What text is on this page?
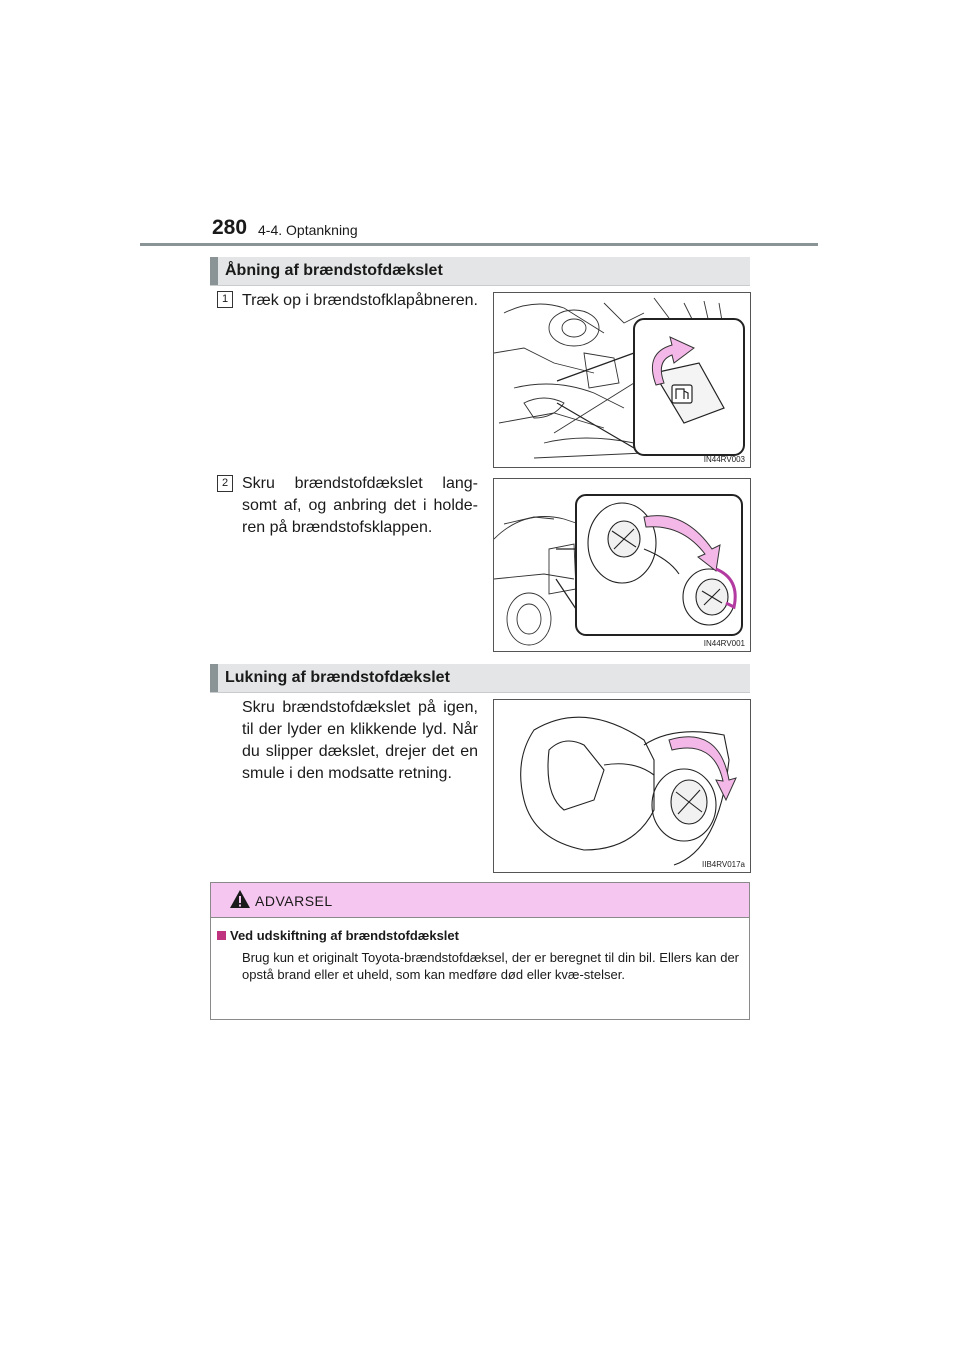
280 4-4. Optankning
Åbning af brændstofdækslet
1 Træk op i brændstofklapåbneren.
IN44RV003
2 Skru brændstofdækslet lang-somt af, og anbring det i holde-ren på brændstofsklappen.
IN44RV001
Lukning af brændstofdækslet
Skru brændstofdækslet på igen, til der lyder en klikkende lyd. Når du slipper dækslet, drejer det en smule i den modsatte retning.
IIB4RV017a
ADVARSEL
Ved udskiftning af brændstofdækslet
Brug kun et originalt Toyota-brændstofdæksel, der er beregnet til din bil. Ellers kan der opstå brand eller et uheld, som kan medføre død eller kvæ-stelser.
